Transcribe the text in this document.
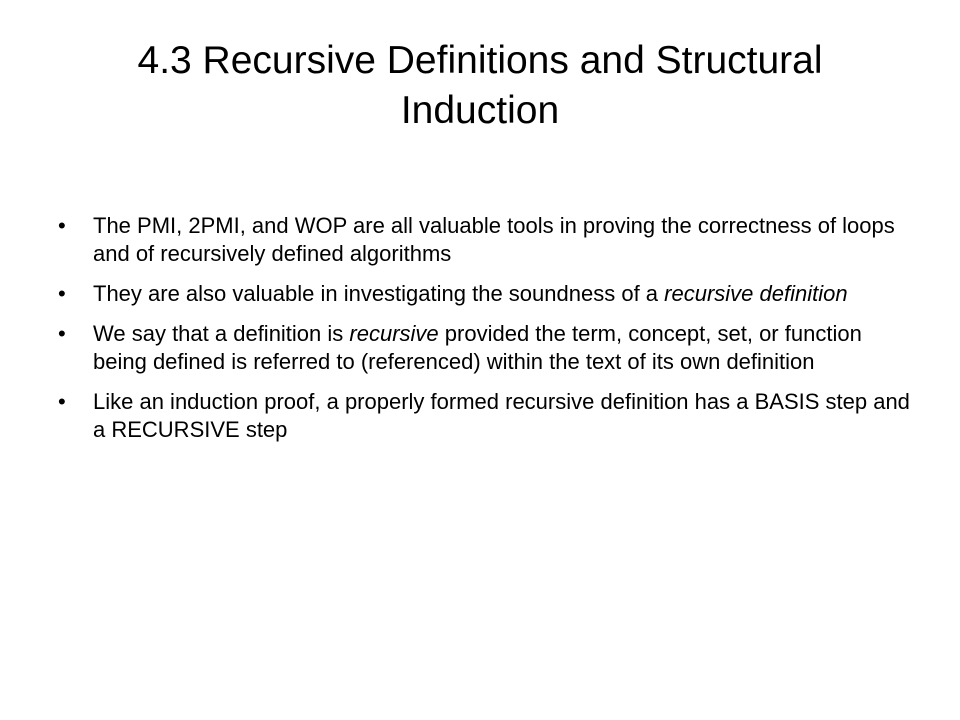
4.3 Recursive Definitions and Structural
Induction
•	The PMI, 2PMI, and WOP are all valuable tools in proving the correctness of loops and of recursively defined algorithms
•	They are also valuable in investigating the soundness of a recursive definition
•	We say that a definition is recursive provided the term, concept, set, or function being defined is referred to (referenced) within the text of its own definition
•	Like an induction proof, a properly formed recursive definition has a BASIS step and a RECURSIVE step
